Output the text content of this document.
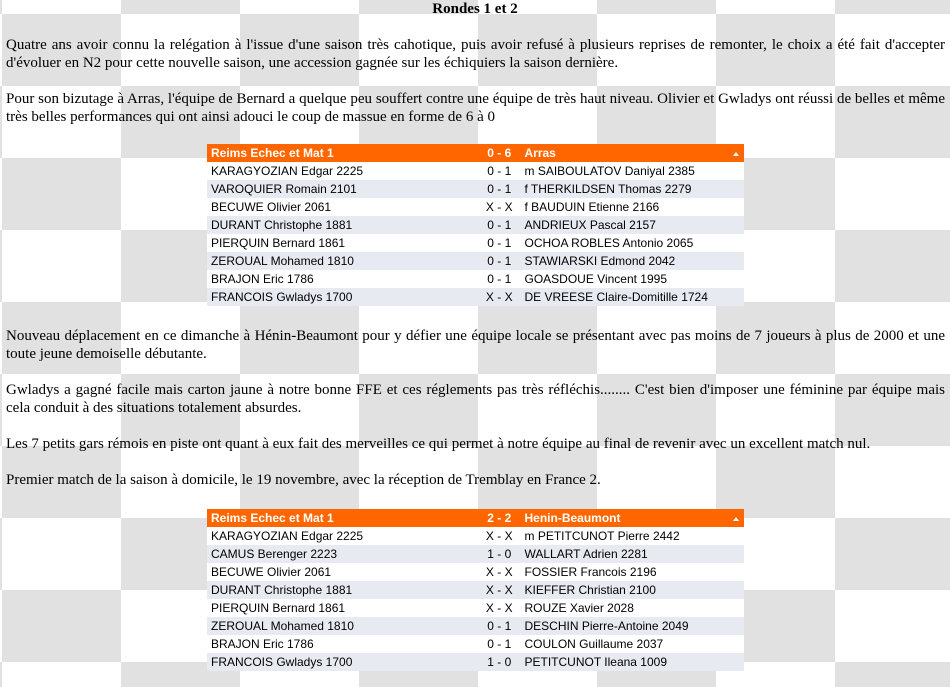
Rondes 1 et 2

Quatre ans avoir connu la relégation à l'issue d'une saison très cahotique, puis avoir refusé à plusieurs reprises de remonter, le choix a été fait d'accepter d'évoluer en N2 pour cette nouvelle saison, une accession gagnée sur les échiquiers la saison dernière.

Pour son bizutage à Arras, l'équipe de Bernard a quelque peu souffert contre une équipe de très haut niveau. Olivier et Gwladys ont réussi de belles et même très belles performances qui ont ainsi adouci le coup de massue en forme de 6 à 0

Reims Echec et Mat 1	0 - 6	Arras	
KARAGYOZIAN Edgar 2225	0 - 1	m SAIBOULATOV Daniyal 2385	
VAROQUIER Romain 2101	0 - 1	f THERKILDSEN Thomas 2279	
BECUWE Olivier 2061	X - X	f BAUDUIN Etienne 2166	
DURANT Christophe 1881	0 - 1	ANDRIEUX Pascal 2157	
PIERQUIN Bernard 1861	0 - 1	OCHOA ROBLES Antonio 2065	
ZEROUAL Mohamed 1810	0 - 1	STAWIARSKI Edmond 2042	
BRAJON Eric 1786	0 - 1	GOASDOUE Vincent 1995	
FRANCOIS Gwladys 1700	X - X	DE VREESE Claire-Domitille 1724	

Nouveau déplacement en ce dimanche à Hénin-Beaumont pour y défier une équipe locale se présentant avec pas moins de 7 joueurs à plus de 2000 et une toute jeune demoiselle débutante.

Gwladys a gagné facile mais carton jaune à notre bonne FFE et ces réglements pas très réfléchis........ C'est bien d'imposer une féminine par équipe mais cela conduit à des situations totalement absurdes.

Les 7 petits gars rémois en piste ont quant à eux fait des merveilles ce qui permet à notre équipe au final de revenir avec un excellent match nul.

Premier match de la saison à domicile, le 19 novembre, avec la réception de Tremblay en France 2.

Reims Echec et Mat 1	2 - 2	Henin-Beaumont	
KARAGYOZIAN Edgar 2225	X - X	m PETITCUNOT Pierre 2442	
CAMUS Berenger 2223	1 - 0	WALLART Adrien 2281	
BECUWE Olivier 2061	X - X	FOSSIER Francois 2196	
DURANT Christophe 1881	X - X	KIEFFER Christian 2100	
PIERQUIN Bernard 1861	X - X	ROUZE Xavier 2028	
ZEROUAL Mohamed 1810	0 - 1	DESCHIN Pierre-Antoine 2049	
BRAJON Eric 1786	0 - 1	COULON Guillaume 2037	
FRANCOIS Gwladys 1700	1 - 0	PETITCUNOT Ileana 1009	
